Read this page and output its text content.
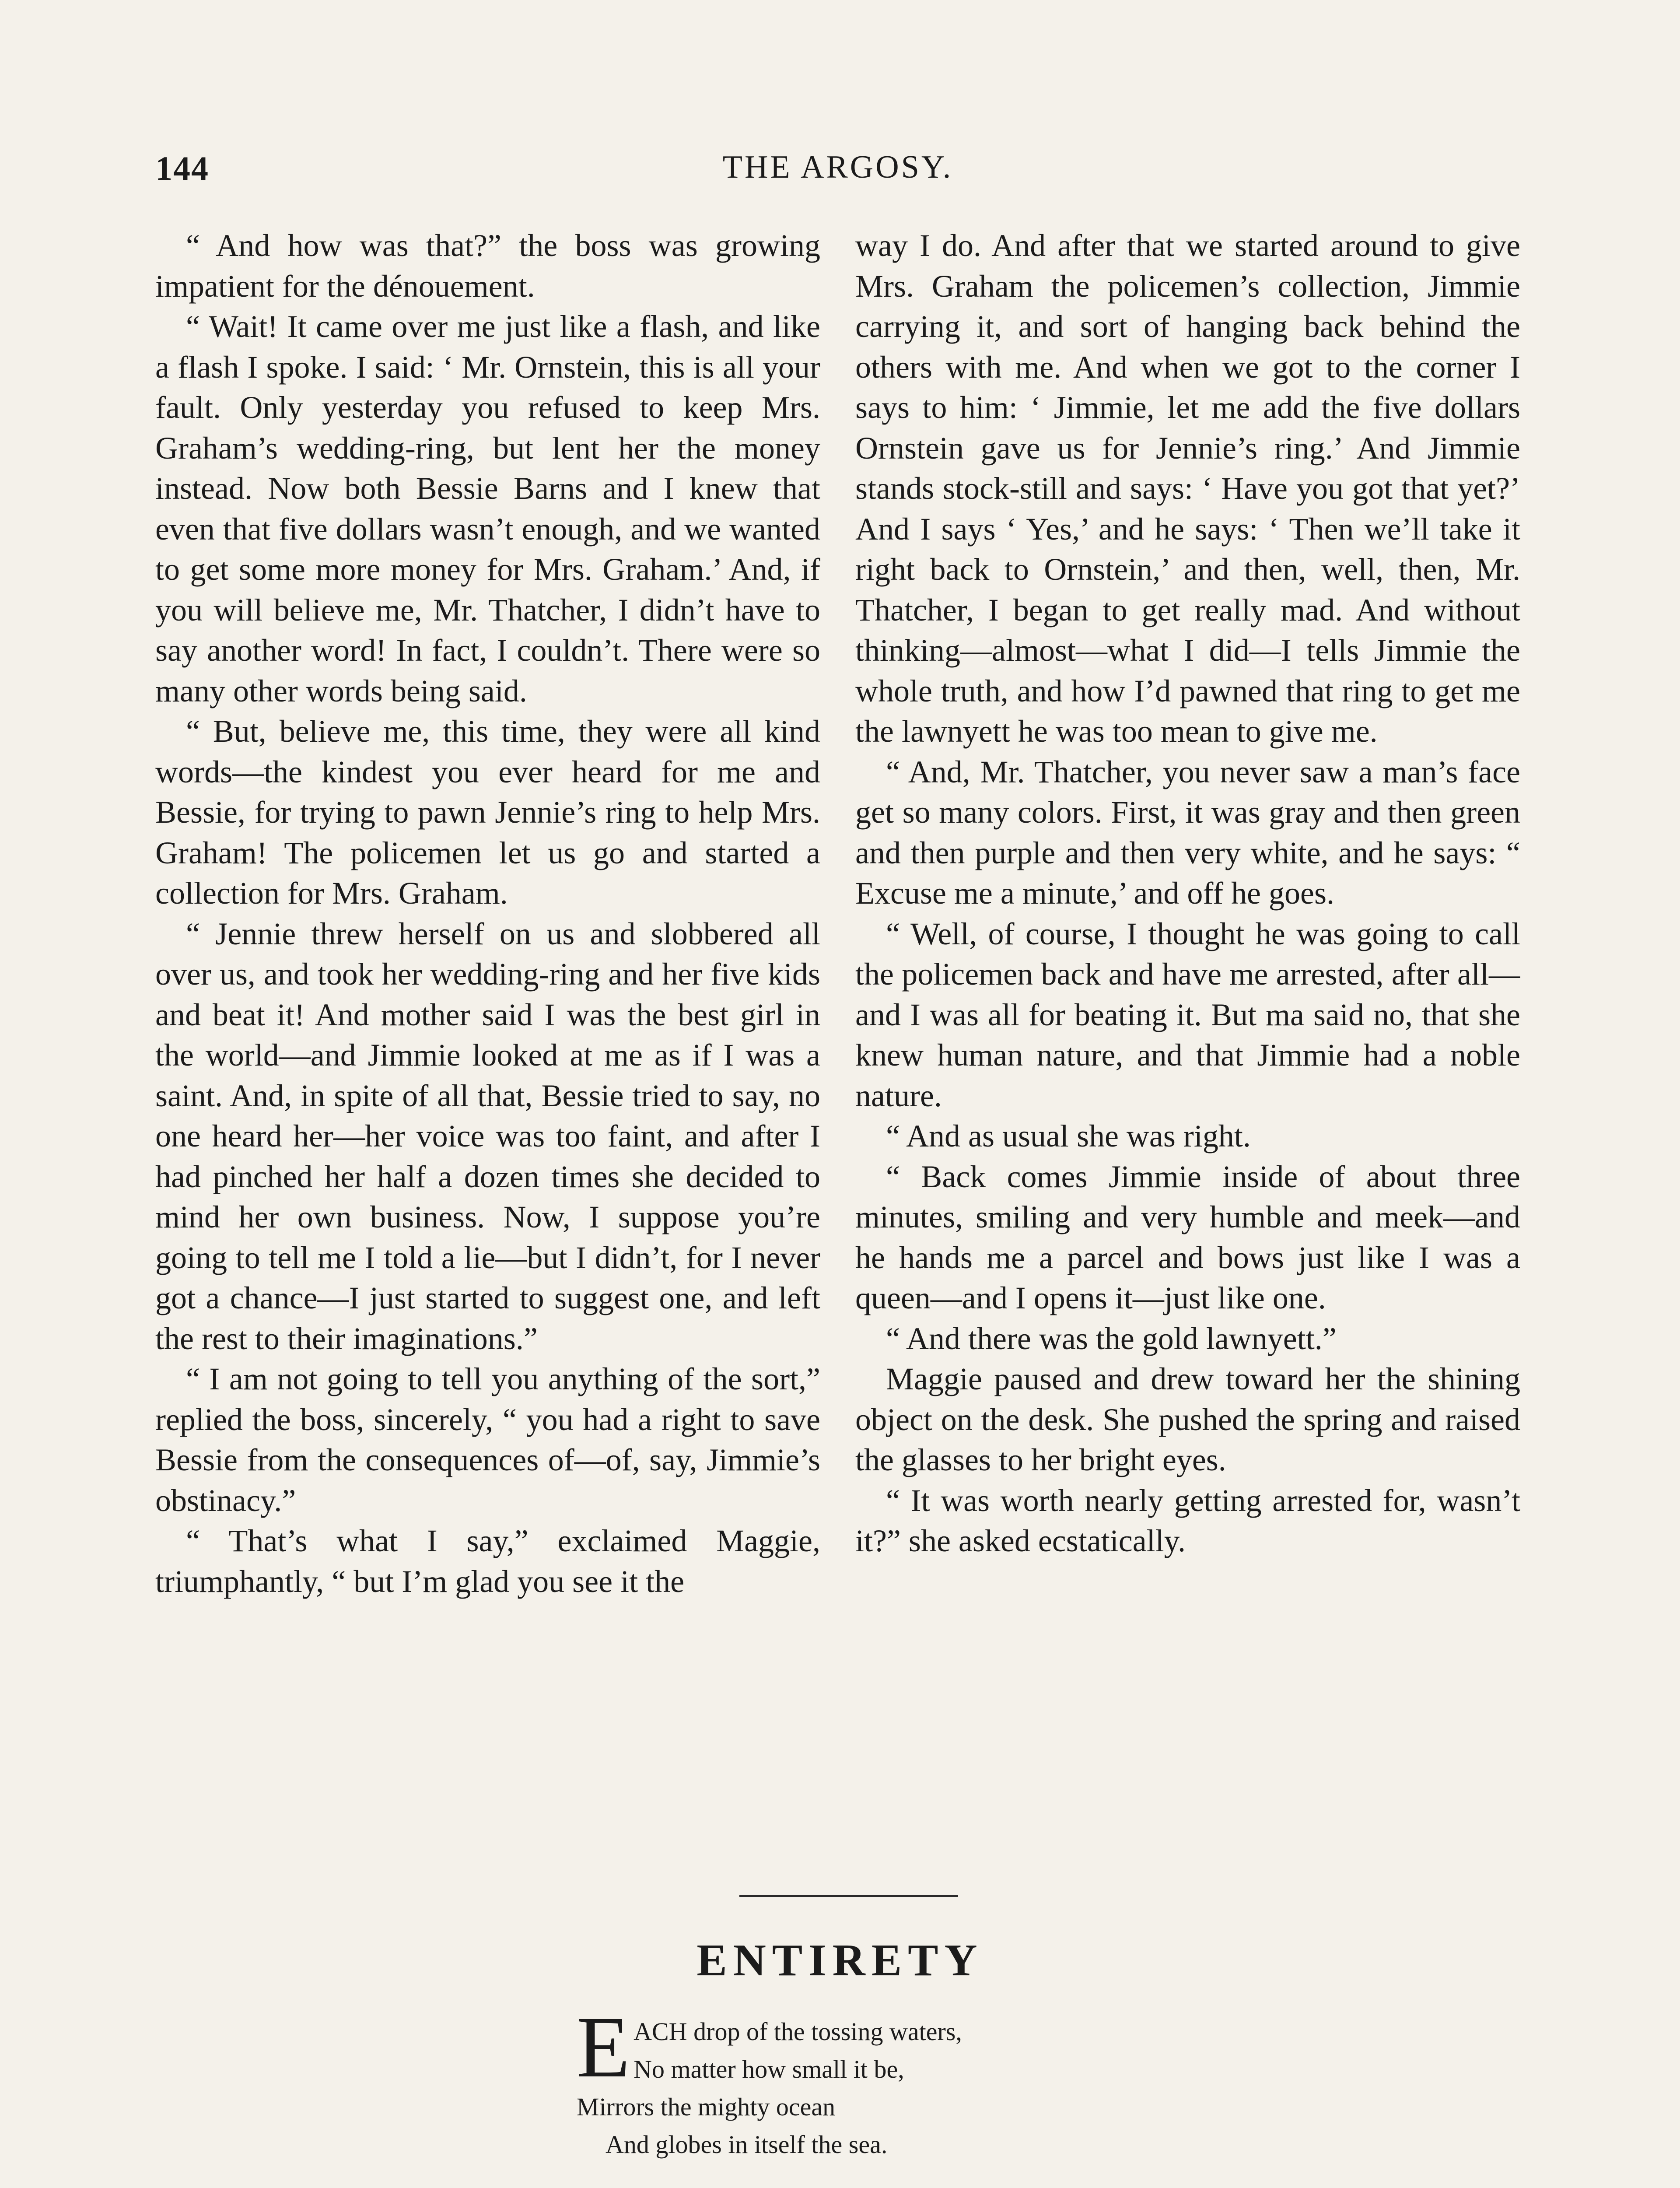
144	THE ARGOSY.

“ And how was that?” the boss was growing impatient for the dénouement.

“ Wait! It came over me just like a flash, and like a flash I spoke. I said: ‘ Mr. Ornstein, this is all your fault. Only yesterday you refused to keep Mrs. Graham’s wedding-ring, but lent her the money instead. Now both Bessie Barns and I knew that even that five dollars wasn’t enough, and we wanted to get some more money for Mrs. Graham.’ And, if you will believe me, Mr. Thatcher, I didn’t have to say another word! In fact, I couldn’t. There were so many other words being said.

“ But, believe me, this time, they were all kind words—the kindest you ever heard for me and Bessie, for trying to pawn Jennie’s ring to help Mrs. Graham! The policemen let us go and started a collection for Mrs. Graham.

“ Jennie threw herself on us and slobbered all over us, and took her wedding-ring and her five kids and beat it! And mother said I was the best girl in the world—and Jimmie looked at me as if I was a saint. And, in spite of all that, Bessie tried to say, no one heard her—her voice was too faint, and after I had pinched her half a dozen times she decided to mind her own business. Now, I suppose you’re going to tell me I told a lie—but I didn’t, for I never got a chance—I just started to suggest one, and left the rest to their imaginations.”

“ I am not going to tell you anything of the sort,” replied the boss, sincerely, “ you had a right to save Bessie from the consequences of—of, say, Jimmie’s obstinacy.”

“ That’s what I say,” exclaimed Maggie, triumphantly, “ but I’m glad you see it the

way I do. And after that we started around to give Mrs. Graham the policemen’s collection, Jimmie carrying it, and sort of hanging back behind the others with me. And when we got to the corner I says to him: ‘ Jimmie, let me add the five dollars Ornstein gave us for Jennie’s ring.’ And Jimmie stands stock-still and says: ‘ Have you got that yet?’ And I says ‘ Yes,’ and he says: ‘ Then we’ll take it right back to Ornstein,’ and then, well, then, Mr. Thatcher, I began to get really mad. And without thinking—almost—what I did—I tells Jimmie the whole truth, and how I’d pawned that ring to get me the lawnyett he was too mean to give me.

“ And, Mr. Thatcher, you never saw a man’s face get so many colors. First, it was gray and then green and then purple and then very white, and he says: “ Excuse me a minute,’ and off he goes.

“ Well, of course, I thought he was going to call the policemen back and have me arrested, after all—and I was all for beating it. But ma said no, that she knew human nature, and that Jimmie had a noble nature.

“ And as usual she was right.

“ Back comes Jimmie inside of about three minutes, smiling and very humble and meek—and he hands me a parcel and bows just like I was a queen—and I opens it—just like one.

“ And there was the gold lawnyett.”

Maggie paused and drew toward her the shining object on the desk. She pushed the spring and raised the glasses to her bright eyes.

“ It was worth nearly getting arrested for, wasn’t it?” she asked ecstatically.

ENTIRETY
E ACH drop of the tossing waters,
No matter how small it be,
Mirrors the mighty ocean
And globes in itself the sea.
